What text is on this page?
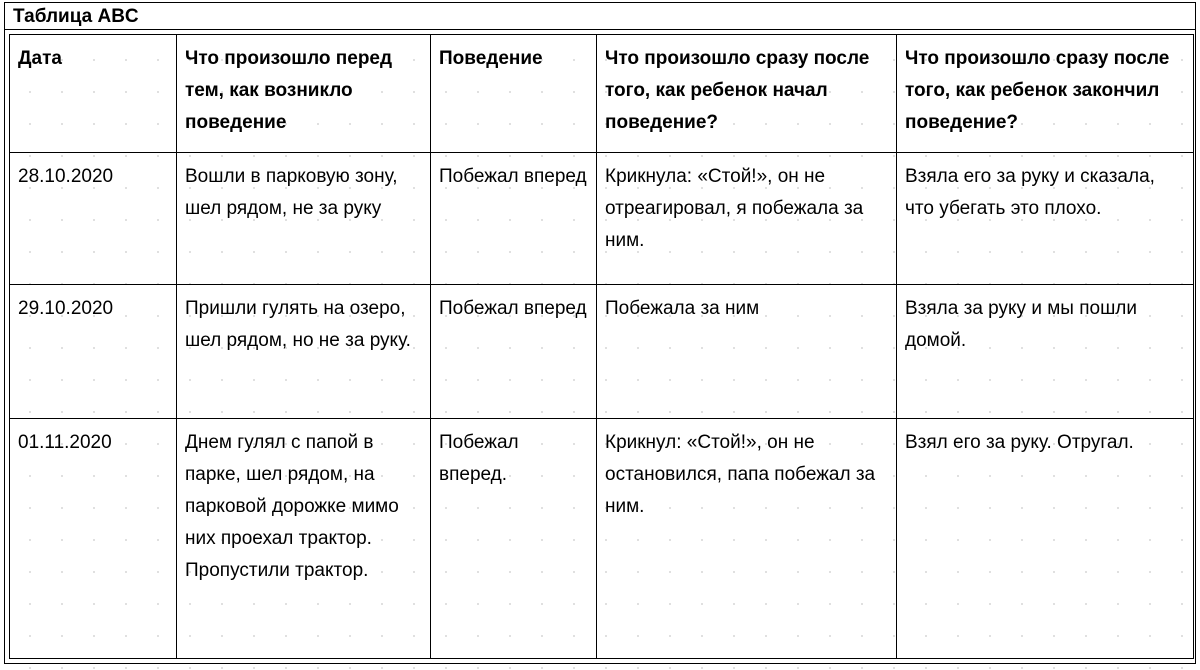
Таблица ABC
Дата	Что произошло перед тем, как возникло поведение	Поведение	Что произошло сразу после того, как ребенок начал поведение?	Что произошло сразу после того, как ребенок закончил поведение?
28.10.2020	Вошли в парковую зону, шел рядом, не за руку	Побежал вперед	Крикнула: «Стой!», он не отреагировал, я побежала за ним.	Взяла его за руку и сказала, что убегать это плохо.
29.10.2020	Пришли гулять на озеро, шел рядом, но не за руку.	Побежал вперед	Побежала за ним	Взяла за руку и мы пошли домой.
01.11.2020	Днем гулял с папой в парке, шел рядом, на парковой дорожке мимо них проехал трактор. Пропустили трактор.	Побежал вперед.	Крикнул: «Стой!», он не остановился, папа побежал за ним.	Взял его за руку. Отругал.
